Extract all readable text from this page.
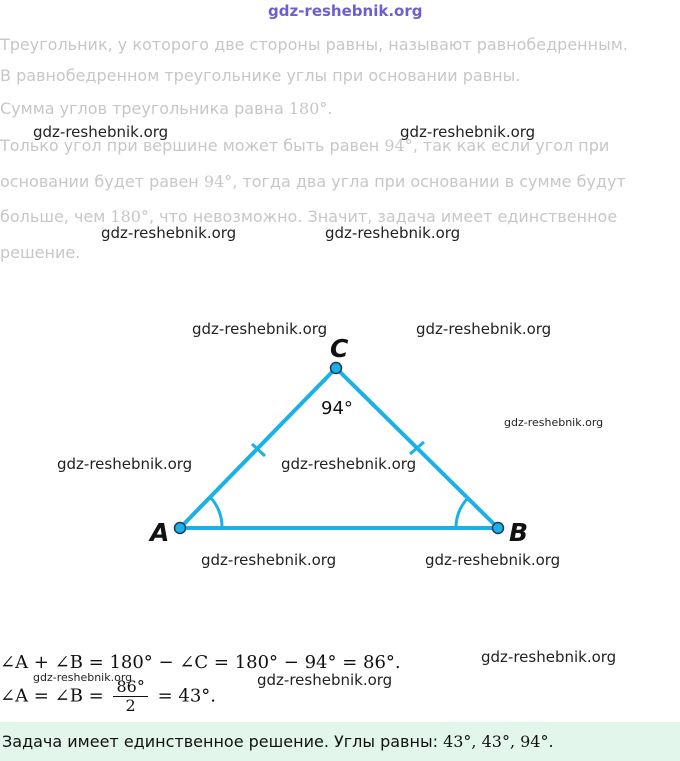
gdz-reshebnik.org
Треугольник, у которого две стороны равны, называют равнобедренным.
В равнобедренном треугольнике углы при основании равны.
Сумма углов треугольника равна 180°.
Только угол при вершине может быть равен 94°, так как если угол при
основании будет равен 94°, тогда два угла при основании в сумме будут
больше, чем 180°, что невозможно. Значит, задача имеет единственное
решение.
A	B
C
94°
gdz-reshebnik.org	gdz-reshebnik.org
gdz-reshebnik.org	gdz-reshebnik.org
gdz-reshebnik.org	gdz-reshebnik.org
gdz-reshebnik.org
gdz-reshebnik.org	gdz-reshebnik.org
gdz-reshebnik.org	gdz-reshebnik.org
gdz-reshebnik.org
gdz-reshebnik.org
gdz-reshebnik.org
∠A + ∠B = 180° − ∠C = 180° − 94° = 86°.
∠A = ∠B = $\frac{86^\circ}{2} = 43^\circ$.
Задача имеет единственное решение. Углы равны: 43°, 43°, 94°.
